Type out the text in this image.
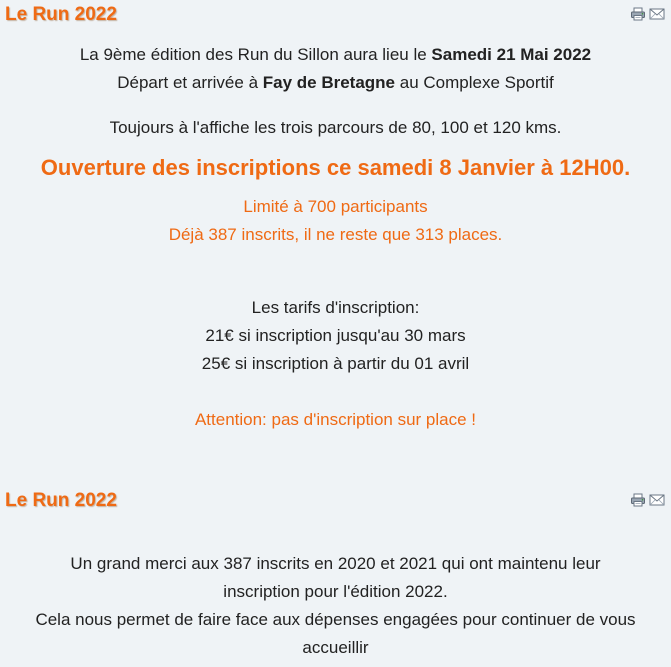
Le Run 2022
La 9ème édition des Run du Sillon aura lieu le Samedi 21 Mai 2022
Départ et arrivée à Fay de Bretagne au Complexe Sportif
Toujours à l'affiche les trois parcours de 80, 100 et 120 kms.
Ouverture des inscriptions ce samedi 8 Janvier à 12H00.
Limité à 700 participants
Déjà 387 inscrits, il ne reste que 313 places.
Les tarifs d'inscription:
21€ si inscription jusqu'au 30 mars
25€ si inscription à partir du 01 avril
Attention: pas d'inscription sur place !
Le Run 2022
Un grand merci aux 387 inscrits en 2020 et 2021 qui ont maintenu leur
inscription pour l'édition 2022.
Cela nous permet de faire face aux dépenses engagées pour continuer de vous
accueillir
